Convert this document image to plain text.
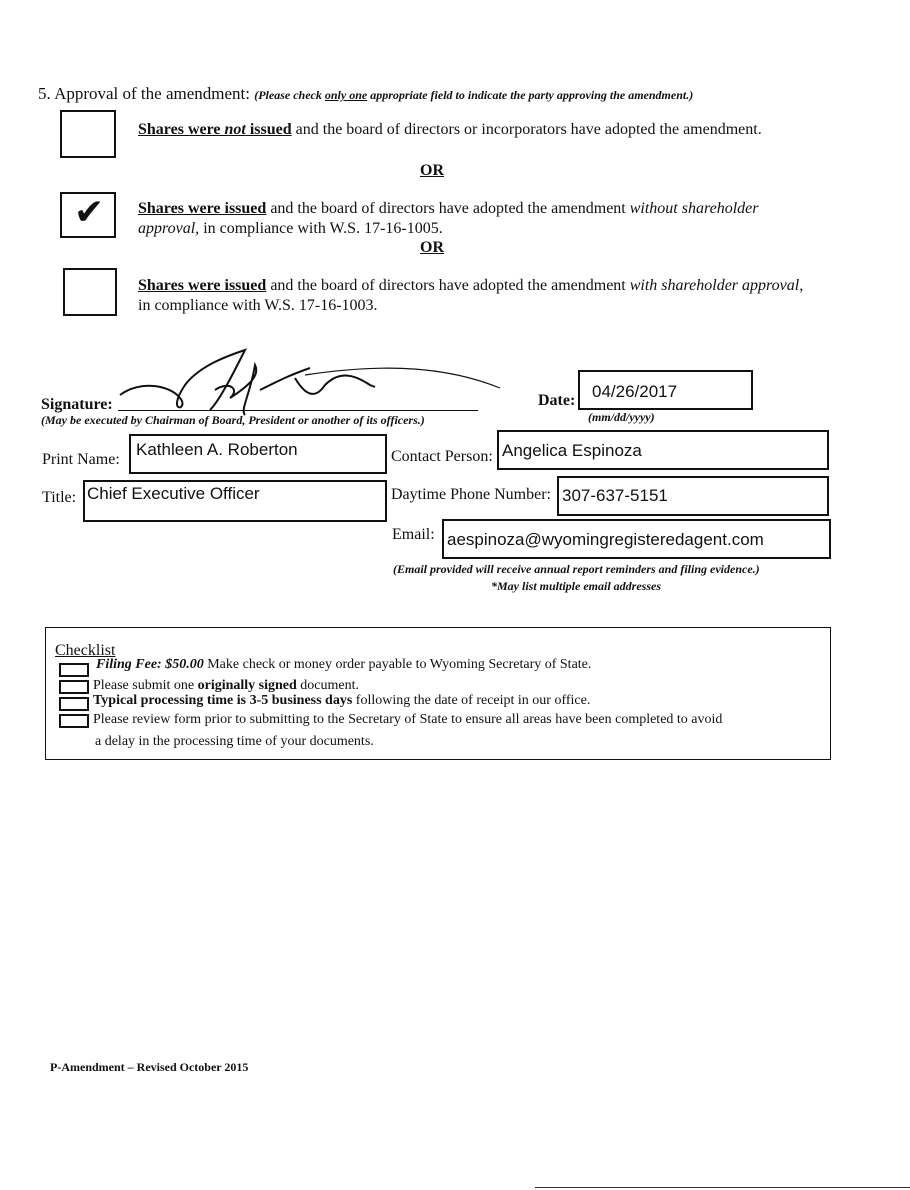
5. Approval of the amendment: (Please check only one appropriate field to indicate the party approving the amendment.)
Shares were not issued and the board of directors or incorporators have adopted the amendment.
OR
✔ Shares were issued and the board of directors have adopted the amendment without shareholder approval, in compliance with W.S. 17-16-1005.
OR
Shares were issued and the board of directors have adopted the amendment with shareholder approval, in compliance with W.S. 17-16-1003.
Signature:
(May be executed by Chairman of Board, President or another of its officers.)
Date: 04/26/2017
(mm/dd/yyyy)
Print Name:
Kathleen A. Roberton
Title: Chief Executive Officer
Contact Person: Angelica Espinoza
Daytime Phone Number: 307-637-5151
Email: aespinoza@wyomingregisteredagent.com
(Email provided will receive annual report reminders and filing evidence.)
*May list multiple email addresses
Checklist
Filing Fee: $50.00 Make check or money order payable to Wyoming Secretary of State.
Please submit one originally signed document.
Typical processing time is 3-5 business days following the date of receipt in our office.
Please review form prior to submitting to the Secretary of State to ensure all areas have been completed to avoid
a delay in the processing time of your documents.
P-Amendment – Revised October 2015
